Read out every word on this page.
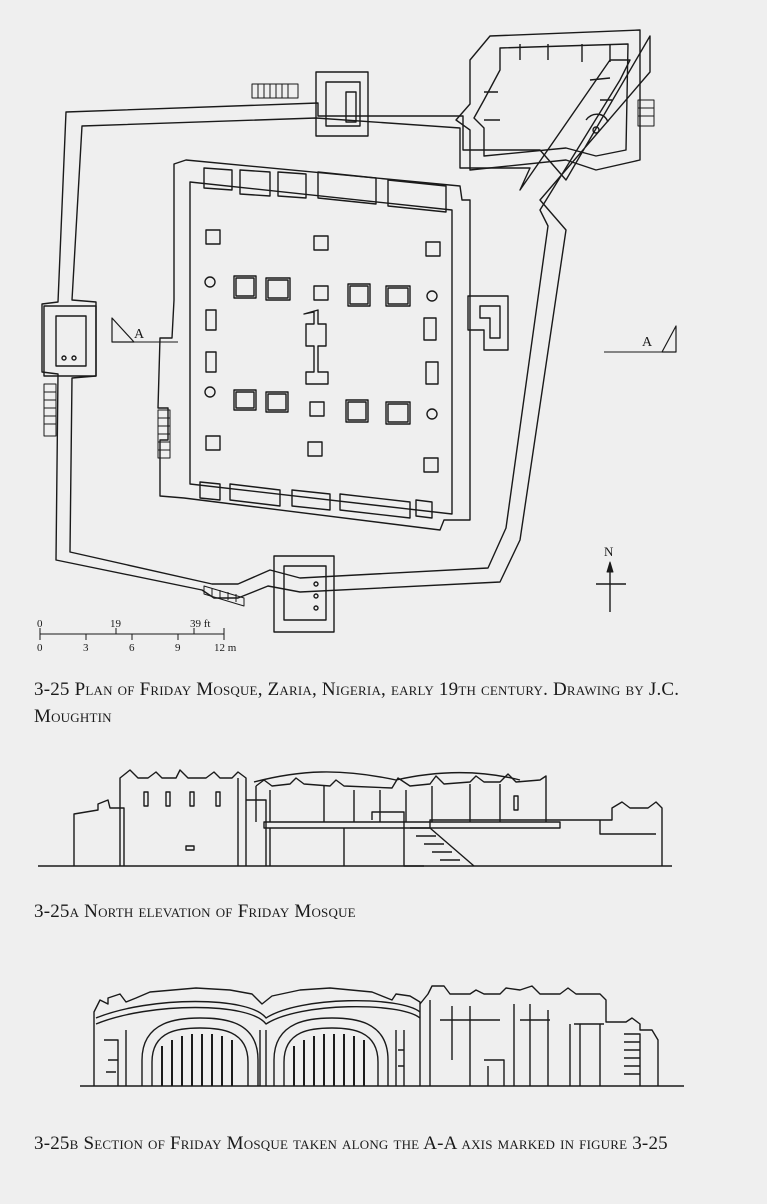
A
A
N
0	19	39 ft
0	3	6	9	12 m
3-25 Plan of Friday Mosque, Zaria, Nigeria, early 19th century. Drawing by J.C. Moughtin
3-25a North elevation of Friday Mosque
3-25b Section of Friday Mosque taken along the A-A axis marked in figure 3-25
